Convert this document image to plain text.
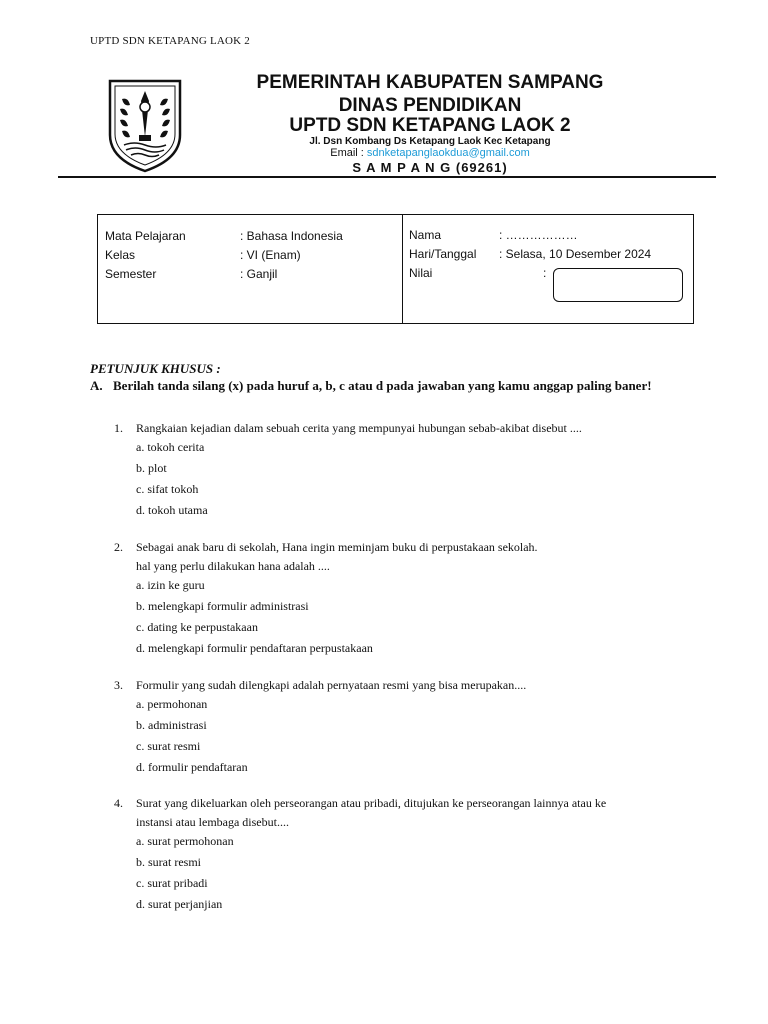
UPTD SDN KETAPANG LAOK 2
PEMERINTAH KABUPATEN SAMPANG
DINAS PENDIDIKAN
UPTD SDN KETAPANG LAOK 2
Jl. Dsn Kombang Ds Ketapang Laok Kec Ketapang
Email : sdnketapanglaokdua@gmail.com
S A M P A N G (69261)
Mata Pelajaran	: Bahasa Indonesia
Kelas	: VI (Enam)
Semester	: Ganjil
Nama	: ………………
Hari/Tanggal : Selasa, 10 Desember 2024
Nilai	:
PETUNJUK KHUSUS :
A. Berilah tanda silang (x) pada huruf a, b, c atau d pada jawaban yang kamu anggap paling baner!
1. Rangkaian kejadian dalam sebuah cerita yang mempunyai hubungan sebab-akibat disebut ....
a. tokoh cerita
b. plot
c. sifat tokoh
d. tokoh utama
2. Sebagai anak baru di sekolah, Hana ingin meminjam buku di perpustakaan sekolah.
hal yang perlu dilakukan hana adalah ....
a. izin ke guru
b. melengkapi formulir administrasi
c. dating ke perpustakaan
d. melengkapi formulir pendaftaran perpustakaan
3. Formulir yang sudah dilengkapi adalah pernyataan resmi yang bisa merupakan....
a. permohonan
b. administrasi
c. surat resmi
d. formulir pendaftaran
4. Surat yang dikeluarkan oleh perseorangan atau pribadi, ditujukan ke perseorangan lainnya atau ke
instansi atau lembaga disebut....
a. surat permohonan
b. surat resmi
c. surat pribadi
d. surat perjanjian
